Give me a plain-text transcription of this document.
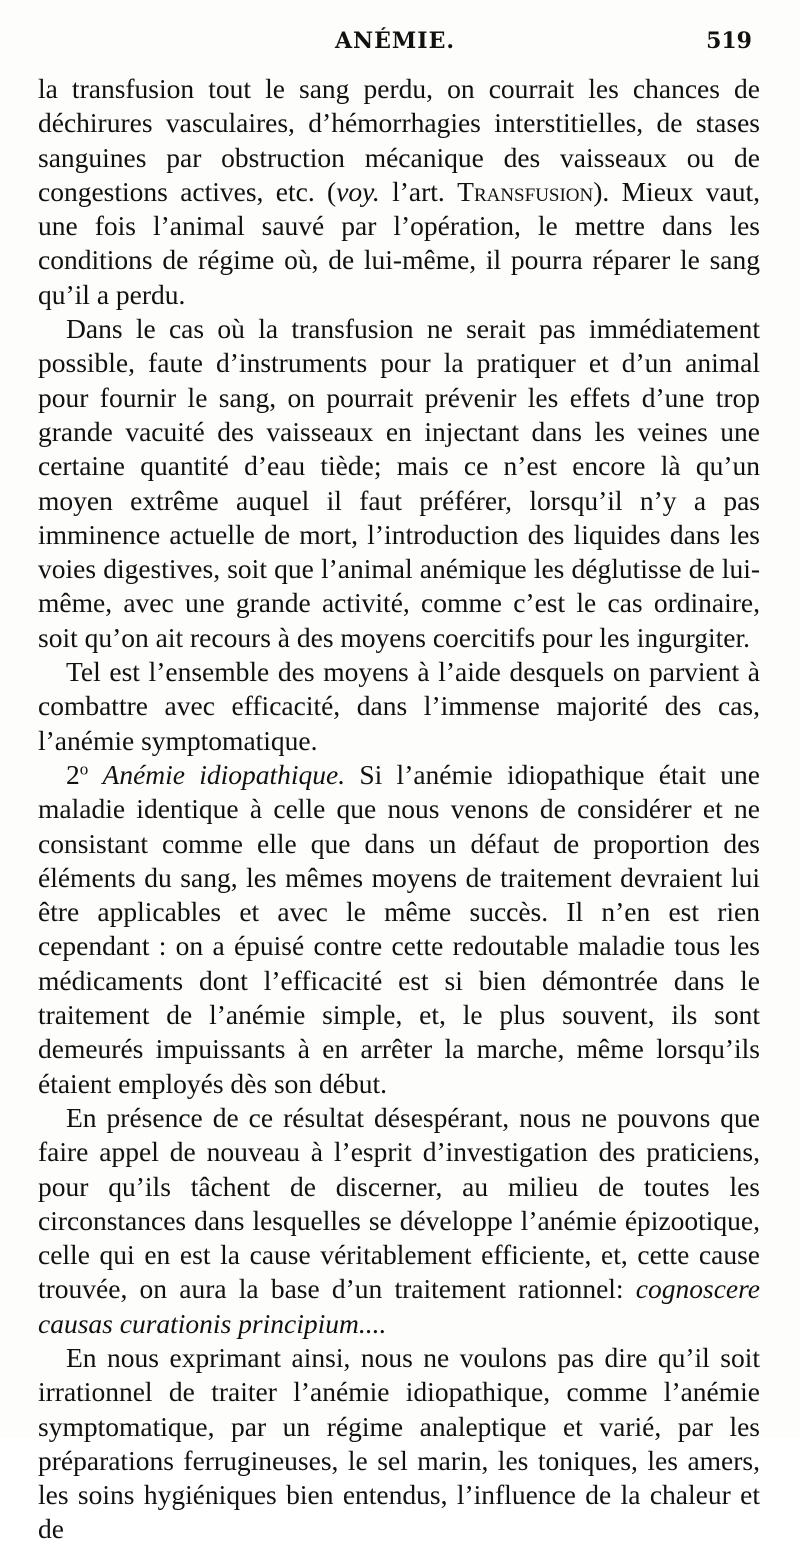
ANÉMIE.	519

la transfusion tout le sang perdu, on courrait les chances de déchirures vasculaires, d’hémorrhagies interstitielles, de stases sanguines par obstruction mécanique des vaisseaux ou de congestions actives, etc. (voy. l’art. Transfusion). Mieux vaut, une fois l’animal sauvé par l’opération, le mettre dans les conditions de régime où, de lui-même, il pourra réparer le sang qu’il a perdu.

Dans le cas où la transfusion ne serait pas immédiatement possible, faute d’instruments pour la pratiquer et d’un animal pour fournir le sang, on pourrait prévenir les effets d’une trop grande vacuité des vaisseaux en injectant dans les veines une certaine quantité d’eau tiède; mais ce n’est encore là qu’un moyen extrême auquel il faut préférer, lorsqu’il n’y a pas imminence actuelle de mort, l’introduction des liquides dans les voies digestives, soit que l’animal anémique les déglutisse de lui-même, avec une grande activité, comme c’est le cas ordinaire, soit qu’on ait recours à des moyens coercitifs pour les ingurgiter.

Tel est l’ensemble des moyens à l’aide desquels on parvient à combattre avec efficacité, dans l’immense majorité des cas, l’anémie symptomatique.

2$^o$ Anémie idiopathique. Si l’anémie idiopathique était une maladie identique à celle que nous venons de considérer et ne consistant comme elle que dans un défaut de proportion des éléments du sang, les mêmes moyens de traitement devraient lui être applicables et avec le même succès. Il n’en est rien cependant : on a épuisé contre cette redoutable maladie tous les médicaments dont l’efficacité est si bien démontrée dans le traitement de l’anémie simple, et, le plus souvent, ils sont demeurés impuissants à en arrêter la marche, même lorsqu’ils étaient employés dès son début.

En présence de ce résultat désespérant, nous ne pouvons que faire appel de nouveau à l’esprit d’investigation des praticiens, pour qu’ils tâchent de discerner, au milieu de toutes les circonstances dans lesquelles se développe l’anémie épizootique, celle qui en est la cause véritablement efficiente, et, cette cause trouvée, on aura la base d’un traitement rationnel: cognoscere causas curationis principium....

En nous exprimant ainsi, nous ne voulons pas dire qu’il soit irrationnel de traiter l’anémie idiopathique, comme l’anémie symptomatique, par un régime analeptique et varié, par les préparations ferrugineuses, le sel marin, les toniques, les amers, les soins hygiéniques bien entendus, l’influence de la chaleur et de
